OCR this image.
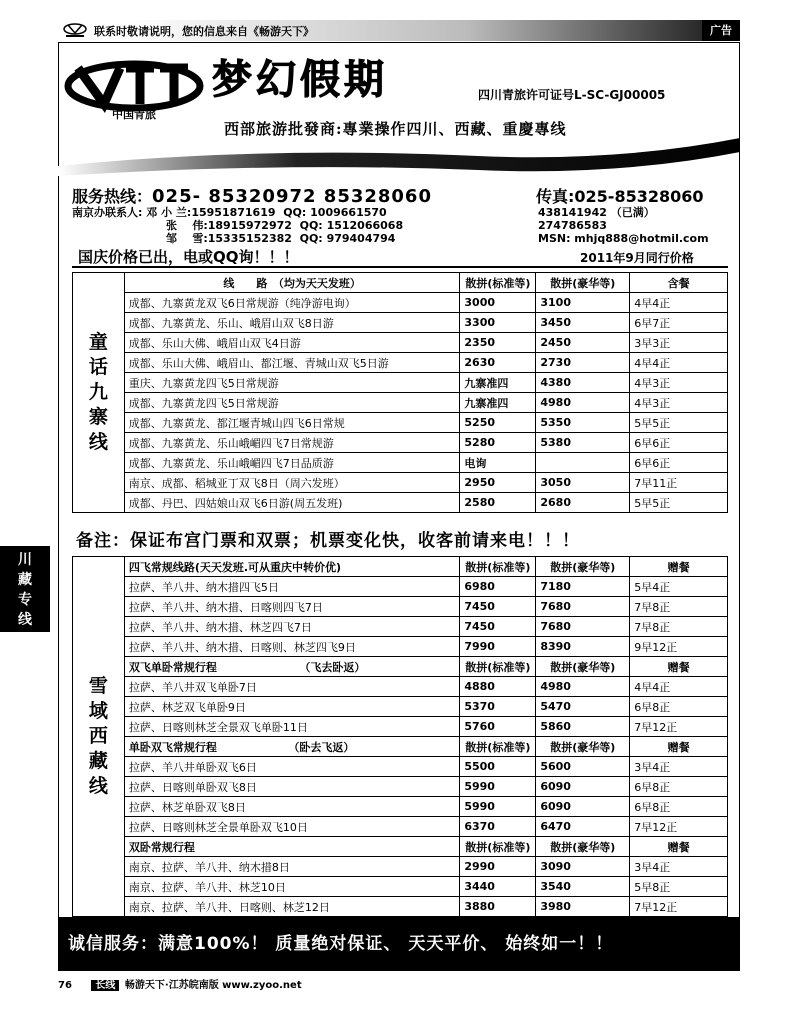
联系时敬请说明，您的信息来自《畅游天下》	广告
中国青旅
梦幻假期	四川青旅许可证号L-SC-GJ00005
西部旅游批發商:專業操作四川、西藏、重慶專线
服务热线：025- 85320972 85328060	传真:025-85328060
南京办联系人: 邓 小 兰:15951871619 QQ: 1009661570
张    伟:18915972972 QQ: 1512066068
邹    雪:15335152382 QQ: 979404794
438141942 （已满）
274786583
MSN: mhjq888@hotmil.com
国庆价格已出，电或QQ询！！！	2011年9月同行价格
童
话
九
寨
线	线　　路　（均为天天发班）	散拼(标准等)	散拼(豪华等)	含餐
	成都、九寨黄龙双飞6日常规游（纯净游电询）	3000	3100	4早4正
	成都、九寨黄龙、乐山、峨眉山双飞8日游	3300	3450	6早7正
	成都、乐山大佛、峨眉山双飞4日游	2350	2450	3早3正
	成都、乐山大佛、峨眉山、都江堰、青城山双飞5日游	2630	2730	4早4正
	重庆、九寨黄龙四飞5日常规游	九寨准四	4380	4早3正
	成都、九寨黄龙四飞5日常规游	九寨准四	4980	4早3正
	成都、九寨黄龙、都江堰青城山四飞6日常规	5250	5350	5早5正
	成都、九寨黄龙、乐山峨嵋四飞7日常规游	5280	5380	6早6正
	成都、九寨黄龙、乐山峨嵋四飞7日品质游	电询		6早6正
	南京、成都、稻城亚丁双飞8日（周六发班）	2950	3050	7早11正
	成都、丹巴、四姑娘山双飞6日游(周五发班)	2580	2680	5早5正
备注：保证布宫门票和双票；机票变化快，收客前请来电！！！
川
藏
专
线
雪
域
西
藏
线	四飞常规线路(天天发班.可从重庆中转价优)	散拼(标准等)	散拼(豪华等)	赠餐
	拉萨、羊八井、纳木措四飞5日	6980	7180	5早4正
	拉萨、羊八井、纳木措、日喀则四飞7日	7450	7680	7早8正
	拉萨、羊八井、纳木措、林芝四飞7日	7450	7680	7早8正
	拉萨、羊八井、纳木措、日喀则、林芝四飞9日	7990	8390	9早12正
	双飞单卧常规行程　　　　　　　　（飞去卧返）	散拼(标准等)	散拼(豪华等)	赠餐
	拉萨、羊八井双飞单卧7日	4880	4980	4早4正
	拉萨、林芝双飞单卧9日	5370	5470	6早8正
	拉萨、日喀则林芝全景双飞单卧11日	5760	5860	7早12正
	单卧双飞常规行程　　　　　　　（卧去飞返）	散拼(标准等)	散拼(豪华等)	赠餐
	拉萨、羊八井单卧双飞6日	5500	5600	3早4正
	拉萨、日喀则单卧双飞8日	5990	6090	6早8正
	拉萨、林芝单卧双飞8日	5990	6090	6早8正
	拉萨、日喀则林芝全景单卧双飞10日	6370	6470	7早12正
	双卧常规行程	散拼(标准等)	散拼(豪华等)	赠餐
	南京、拉萨、羊八井、纳木措8日	2990	3090	3早4正
	南京、拉萨、羊八井、林芝10日	3440	3540	5早8正
	南京、拉萨、羊八井、日喀则、林芝12日	3880	3980	7早12正
诚信服务：满意100%！ 质量绝对保证、 天天平价、 始终如一！！
76 长线 畅游天下·江苏皖南版 www.zyoo.net
